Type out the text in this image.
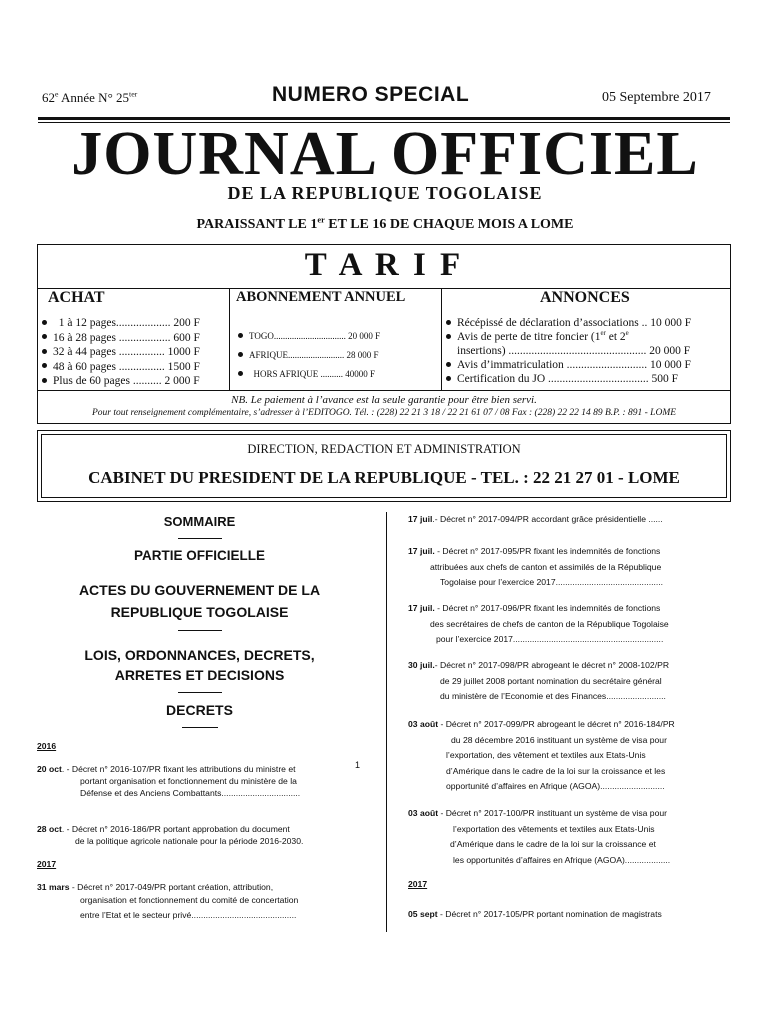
62e Année N° $25^{ter}$	NUMERO SPECIAL	05 Septembre 2017
JOURNAL OFFICIEL
DE LA REPUBLIQUE TOGOLAISE
PARAISSANT LE 1er ET LE 16 DE CHAQUE MOIS A LOME
T A R I F
ACHAT
1 à 12 pages................... 200 F
16 à 28 pages .................. 600 F
32 à 44 pages ................ 1000 F
48 à 60 pages ................ 1500 F
Plus de 60 pages .......... 2 000 F
ABONNEMENT ANNUEL
TOGO................................ 20 000 F
AFRIQUE......................... 28 000 F
HORS AFRIQUE .......... 40000 F
ANNONCES
Récépissé de déclaration d’associations .. 10 000 F
Avis de perte de titre foncier (1er et 2e
insertions) ................................................ 20 000 F
Avis d’immatriculation ............................ 10 000 F
Certification du JO ................................... 500 F
NB. Le paiement à l’avance est la seule garantie pour être bien servi.
Pour tout renseignement complémentaire, s’adresser à l’EDITOGO. Tél. : (228) 22 21 3 18 / 22 21 61 07 / 08 Fax : (228) 22 22 14 89 B.P. : 891 - LOME
DIRECTION, REDACTION ET ADMINISTRATION
CABINET DU PRESIDENT DE LA REPUBLIQUE - TEL. : 22 21 27 01 - LOME
SOMMAIRE
PARTIE OFFICIELLE
ACTES DU GOUVERNEMENT DE LA
REPUBLIQUE TOGOLAISE
LOIS, ORDONNANCES, DECRETS,
ARRETES ET DECISIONS
DECRETS
1
2016
20 oct. - Décret n° 2016-107/PR fixant les attributions du ministre et
portant organisation et fonctionnement du ministère de la
Défense et des Anciens Combattants.................................
28 oct. - Décret n° 2016-186/PR portant approbation du document
de la politique agricole nationale pour la période 2016-2030.
2017
31 mars - Décret n° 2017-049/PR portant création, attribution,
organisation et fonctionnement du comité de concertation
entre l’Etat et le secteur privé............................................
17 juil.- Décret n° 2017-094/PR accordant grâce présidentielle ......
17 juil. - Décret n° 2017-095/PR fixant les indemnités de fonctions
attribuées aux chefs de canton et assimilés de la République
Togolaise pour l’exercice 2017.............................................
17 juil. - Décret n° 2017-096/PR fixant les indemnités de fonctions
des secrétaires de chefs de canton de la République Togolaise
pour l’exercice 2017...............................................................
30 juil.- Décret n° 2017-098/PR abrogeant le décret n° 2008-102/PR
de 29 juillet 2008 portant nomination du secrétaire général
du ministère de l’Economie et des Finances.........................
03 août - Décret n° 2017-099/PR abrogeant le décret n° 2016-184/PR
du 28 décembre 2016 instituant un système de visa pour
l’exportation, des vêtement et textiles aux Etats-Unis
d’Amérique dans le cadre de la loi sur la croissance et les
opportunité d’affaires en Afrique (AGOA)...........................
03 août - Décret n° 2017-100/PR instituant un système de visa pour
l’exportation des vêtements et textiles aux Etats-Unis
d’Amérique dans le cadre de la loi sur la croissance et
les opportunités d’affaires en Afrique (AGOA)...................
2017
05 sept - Décret n° 2017-105/PR portant nomination de magistrats
